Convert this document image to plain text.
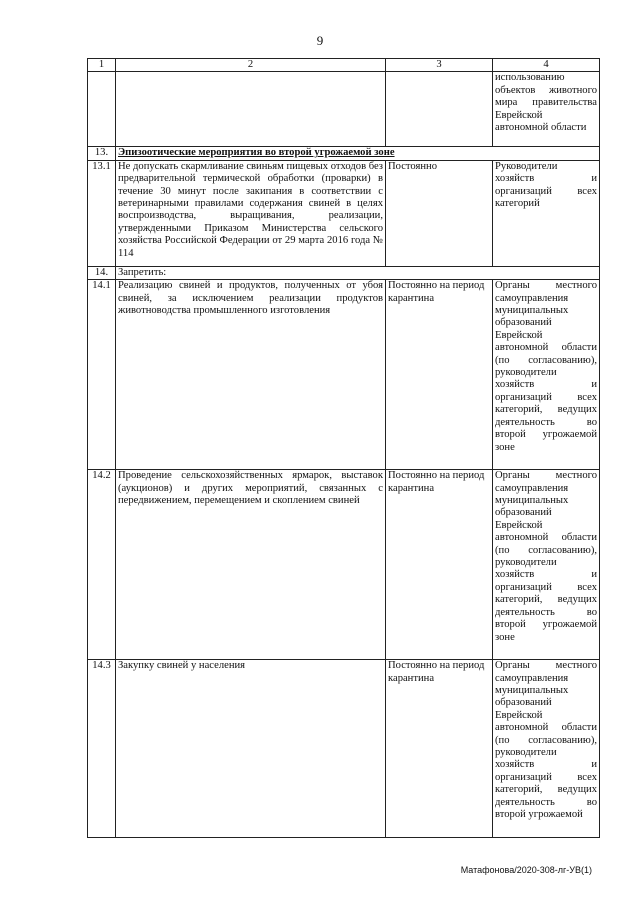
9
1	2	3	4
			использованию объектов животного мира правительства Еврейской автономной области
13.	Эпизоотические мероприятия во второй угрожаемой зоне		
13.1	Не допускать скармливание свиньям пищевых отходов без предварительной термической обработки (проварки) в течение 30 минут после закипания в соответствии с ветеринарными правилами содержания свиней в целях воспроизводства, выращивания, реализации, утвержденными Приказом Министерства сельского хозяйства Российской Федерации от 29 марта 2016 года № 114	Постоянно	Руководители хозяйств и организаций всех категорий
14.	Запретить:		
14.1	Реализацию свиней и продуктов, полученных от убоя свиней, за исключением реализации продуктов животноводства промышленного изготовления	Постоянно на период карантина	Органы местного самоуправления муниципальных образований Еврейской автономной области (по согласованию), руководители хозяйств и организаций всех категорий, ведущих деятельность во второй угрожаемой зоне
14.2	Проведение сельскохозяйственных ярмарок, выставок (аукционов) и других мероприятий, связанных с передвижением, перемещением и скоплением свиней	Постоянно на период карантина	Органы местного самоуправления муниципальных образований Еврейской автономной области (по согласованию), руководители хозяйств и организаций всех категорий, ведущих деятельность во второй угрожаемой зоне
14.3	Закупку свиней у населения	Постоянно на период карантина	Органы местного самоуправления муниципальных образований Еврейской автономной области (по согласованию), руководители хозяйств и организаций всех категорий, ведущих деятельность во второй угрожаемой
Матафонова/2020-308-лг-УВ(1)
